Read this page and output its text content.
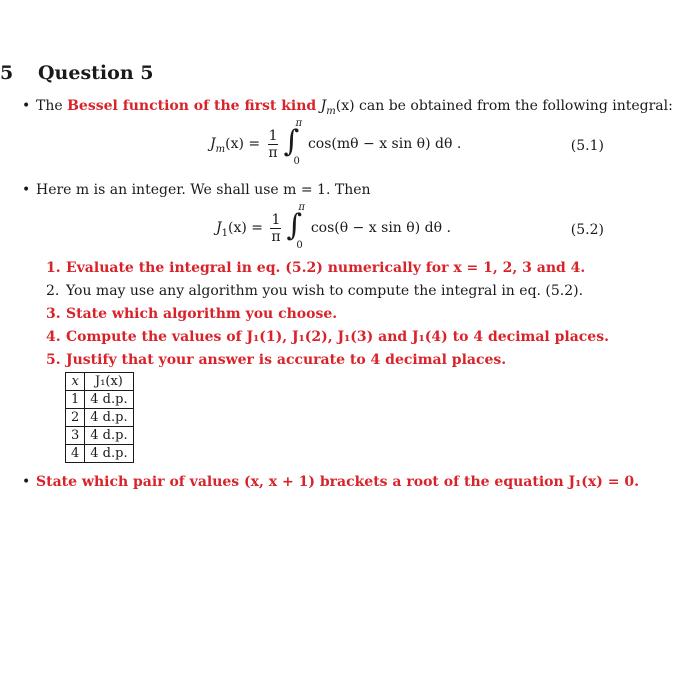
5 Question 5
• The Bessel function of the first kind $J_m(x)$ can be obtained from the following integral:
$J_m(x) = \frac{1}{\pi}$ ∫
π
0
cos(mθ − x sin θ) dθ .	(5.1)
• Here m is an integer. We shall use m = 1. Then
$J_1(x) = \frac{1}{\pi}$ ∫
π
0
cos(θ − x sin θ) dθ .	(5.2)
1. Evaluate the integral in eq. (5.2) numerically for x = 1, 2, 3 and 4.
2. You may use any algorithm you wish to compute the integral in eq. (5.2).
3. State which algorithm you choose.
4. Compute the values of J₁(1), J₁(2), J₁(3) and J₁(4) to 4 decimal places.
5. Justify that your answer is accurate to 4 decimal places.
x	J₁(x)
1	4 d.p.
2	4 d.p.
3	4 d.p.
4	4 d.p.
• State which pair of values (x, x + 1) brackets a root of the equation J₁(x) = 0.
